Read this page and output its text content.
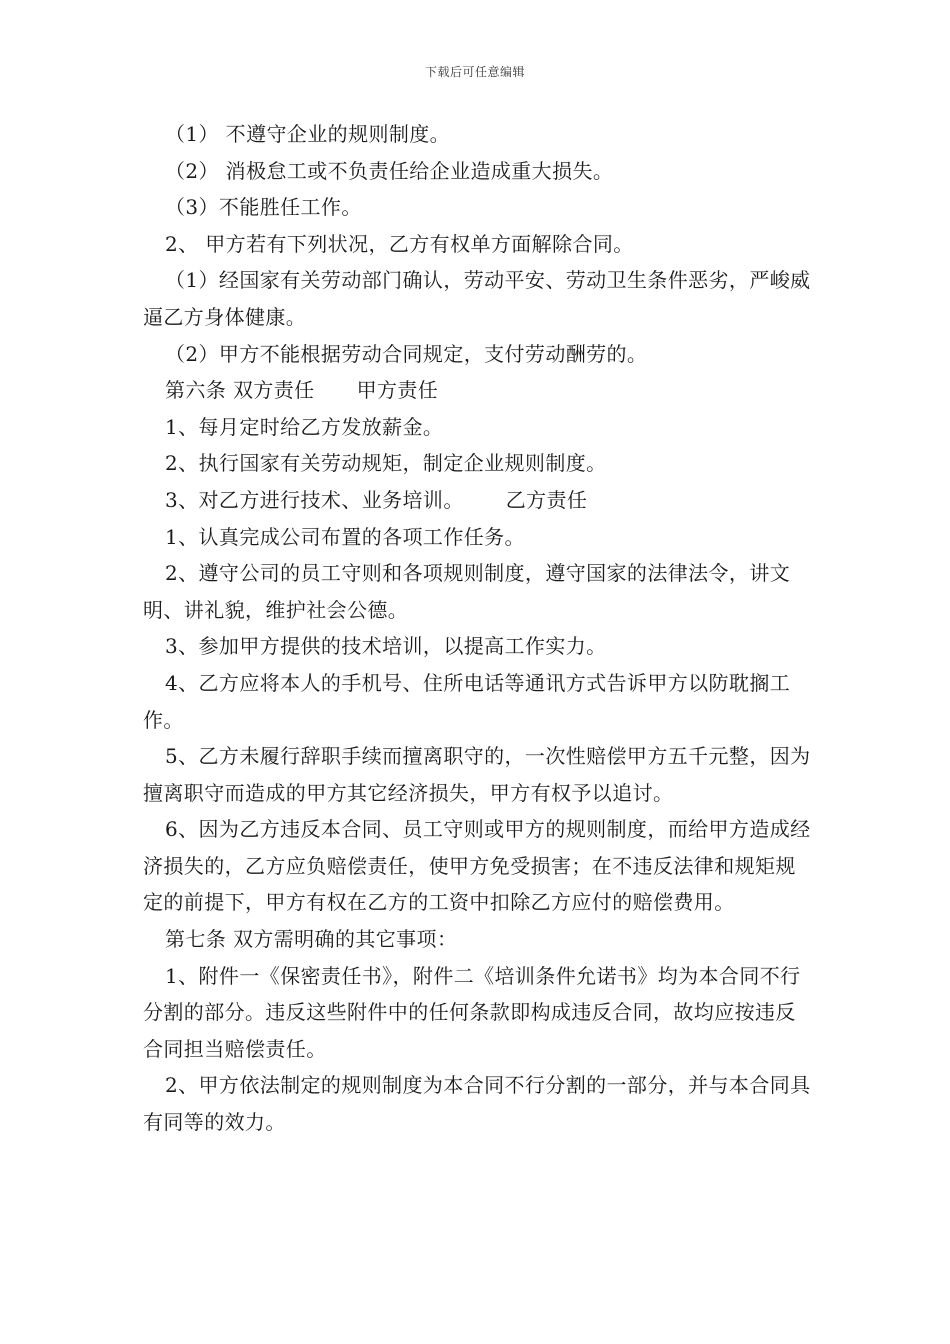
下载后可任意编辑

（1） 不遵守企业的规则制度。

（2） 消极怠工或不负责任给企业造成重大损失。

（3）不能胜任工作。

2、 甲方若有下列状况，乙方有权单方面解除合同。

（1）经国家有关劳动部门确认，劳动平安、劳动卫生条件恶劣，严峻威逼乙方身体健康。

（2）甲方不能根据劳动合同规定，支付劳动酬劳的。

第六条 双方责任 甲方责任

1、每月定时给乙方发放薪金。

2、执行国家有关劳动规矩，制定企业规则制度。

3、对乙方进行技术、业务培训。 乙方责任

1、认真完成公司布置的各项工作任务。

2、遵守公司的员工守则和各项规则制度，遵守国家的法律法令，讲文明、讲礼貌，维护社会公德。

3、参加甲方提供的技术培训，以提高工作实力。

4、乙方应将本人的手机号、住所电话等通讯方式告诉甲方以防耽搁工作。

5、乙方未履行辞职手续而擅离职守的，一次性赔偿甲方五千元整，因为擅离职守而造成的甲方其它经济损失，甲方有权予以追讨。

6、因为乙方违反本合同、员工守则或甲方的规则制度，而给甲方造成经济损失的，乙方应负赔偿责任，使甲方免受损害；在不违反法律和规矩规定的前提下，甲方有权在乙方的工资中扣除乙方应付的赔偿费用。

第七条 双方需明确的其它事项：

1、附件一《保密责任书》，附件二《培训条件允诺书》均为本合同不行分割的部分。违反这些附件中的任何条款即构成违反合同，故均应按违反合同担当赔偿责任。

2、甲方依法制定的规则制度为本合同不行分割的一部分，并与本合同具有同等的效力。
